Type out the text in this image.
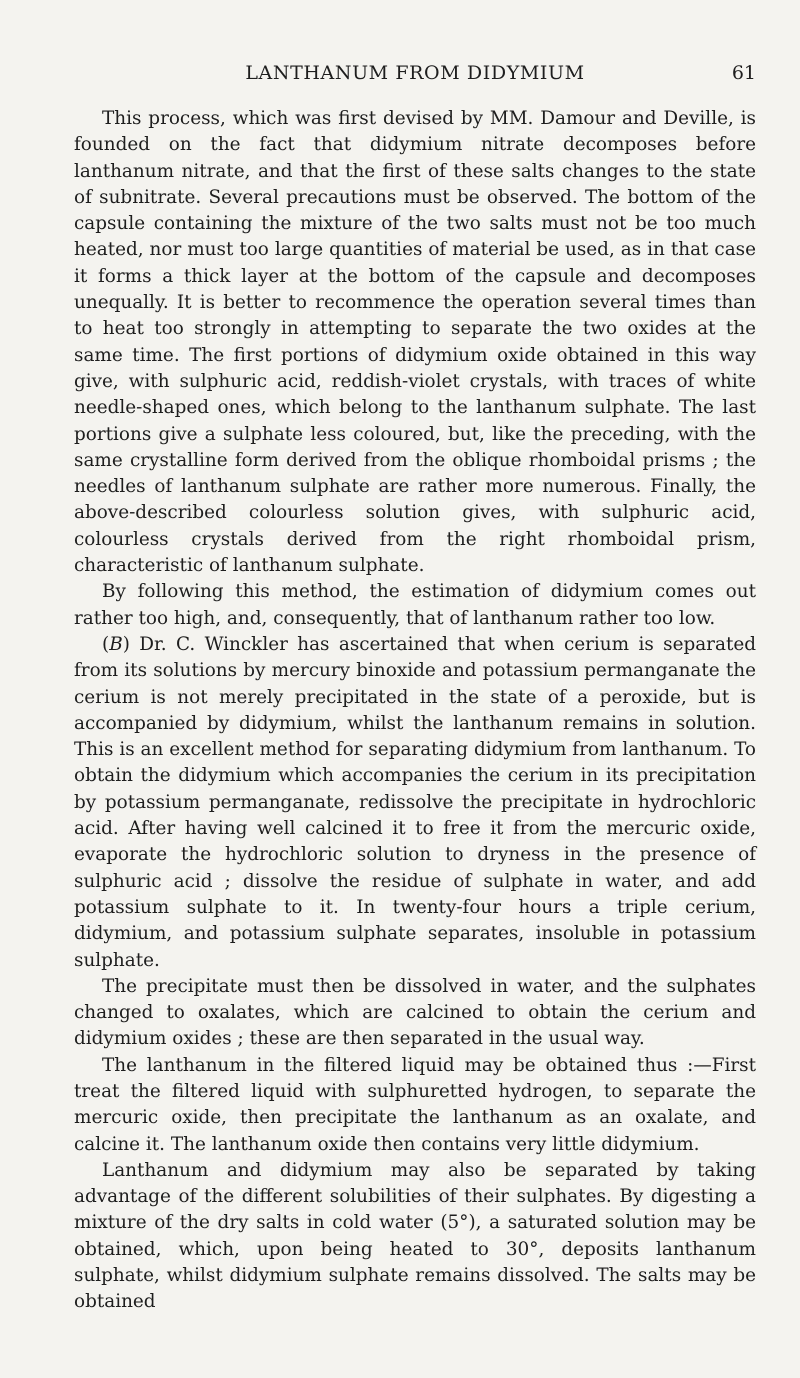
LANTHANUM FROM DIDYMIUM	61

This process, which was first devised by MM. Damour and Deville, is founded on the fact that didymium nitrate decomposes before lanthanum nitrate, and that the first of these salts changes to the state of subnitrate. Several precautions must be observed. The bottom of the capsule containing the mixture of the two salts must not be too much heated, nor must too large quantities of material be used, as in that case it forms a thick layer at the bottom of the capsule and decomposes unequally. It is better to recommence the operation several times than to heat too strongly in attempting to separate the two oxides at the same time. The first portions of didymium oxide obtained in this way give, with sulphuric acid, reddish-violet crystals, with traces of white needle-shaped ones, which belong to the lanthanum sulphate. The last portions give a sulphate less coloured, but, like the preceding, with the same crystalline form derived from the oblique rhomboidal prisms ; the needles of lanthanum sulphate are rather more numerous. Finally, the above-described colourless solution gives, with sulphuric acid, colourless crystals derived from the right rhomboidal prism, characteristic of lanthanum sulphate.

By following this method, the estimation of didymium comes out rather too high, and, consequently, that of lanthanum rather too low.

(B) Dr. C. Winckler has ascertained that when cerium is separated from its solutions by mercury binoxide and potassium permanganate the cerium is not merely precipitated in the state of a peroxide, but is accompanied by didymium, whilst the lanthanum remains in solution. This is an excellent method for separating didymium from lanthanum. To obtain the didymium which accompanies the cerium in its precipitation by potassium permanganate, redissolve the precipitate in hydrochloric acid. After having well calcined it to free it from the mercuric oxide, evaporate the hydrochloric solution to dryness in the presence of sulphuric acid ; dissolve the residue of sulphate in water, and add potassium sulphate to it. In twenty-four hours a triple cerium, didymium, and potassium sulphate separates, insoluble in potassium sulphate.

The precipitate must then be dissolved in water, and the sulphates changed to oxalates, which are calcined to obtain the cerium and didymium oxides ; these are then separated in the usual way.

The lanthanum in the filtered liquid may be obtained thus :—First treat the filtered liquid with sulphuretted hydrogen, to separate the mercuric oxide, then precipitate the lanthanum as an oxalate, and calcine it. The lanthanum oxide then contains very little didymium.

Lanthanum and didymium may also be separated by taking advantage of the different solubilities of their sulphates. By digesting a mixture of the dry salts in cold water (5°), a saturated solution may be obtained, which, upon being heated to 30°, deposits lanthanum sulphate, whilst didymium sulphate remains dissolved. The salts may be obtained
